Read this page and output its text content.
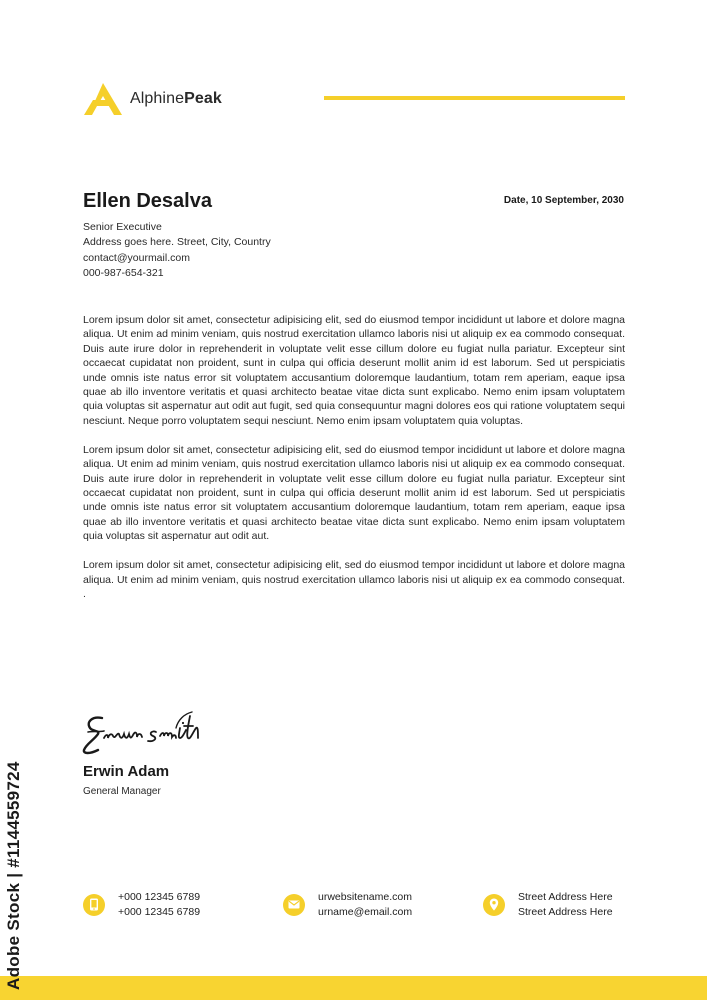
AlphinePeak
Ellen Desalva	Date, 10 September, 2030
Senior Executive
Address goes here. Street, City, Country
contact@yourmail.com
000-987-654-321

Lorem ipsum dolor sit amet, consectetur adipisicing elit, sed do eiusmod tempor incididunt ut labore et dolore magna aliqua. Ut enim ad minim veniam, quis nostrud exercitation ullamco laboris nisi ut aliquip ex ea commodo consequat. Duis aute irure dolor in reprehenderit in voluptate velit esse cillum dolore eu fugiat nulla pariatur. Excepteur sint occaecat cupidatat non proident, sunt in culpa qui officia deserunt mollit anim id est laborum. Sed ut perspiciatis unde omnis iste natus error sit voluptatem accusantium doloremque laudantium, totam rem aperiam, eaque ipsa quae ab illo inventore veritatis et quasi architecto beatae vitae dicta sunt explicabo. Nemo enim ipsam voluptatem quia voluptas sit aspernatur aut odit aut fugit, sed quia consequuntur magni dolores eos qui ratione voluptatem sequi nesciunt. Neque porro voluptatem sequi nesciunt. Nemo enim ipsam voluptatem quia voluptas.

Lorem ipsum dolor sit amet, consectetur adipisicing elit, sed do eiusmod tempor incididunt ut labore et dolore magna aliqua. Ut enim ad minim veniam, quis nostrud exercitation ullamco laboris nisi ut aliquip ex ea commodo consequat. Duis aute irure dolor in reprehenderit in voluptate velit esse cillum dolore eu fugiat nulla pariatur. Excepteur sint occaecat cupidatat non proident, sunt in culpa qui officia deserunt mollit anim id est laborum. Sed ut perspiciatis unde omnis iste natus error sit voluptatem accusantium doloremque laudantium, totam rem aperiam, eaque ipsa quae ab illo inventore veritatis et quasi architecto beatae vitae dicta sunt explicabo. Nemo enim ipsam voluptatem quia voluptas sit aspernatur aut odit aut.

Lorem ipsum dolor sit amet, consectetur adipisicing elit, sed do eiusmod tempor incididunt ut labore et dolore magna aliqua. Ut enim ad minim veniam, quis nostrud exercitation ullamco laboris nisi ut aliquip ex ea commodo consequat. .

Erwin Adam
General Manager
+000 12345 6789
+000 12345 6789
urwebsitename.com
urname@email.com
Street Address Here
Street Address Here
Adobe Stock | #1144559724
